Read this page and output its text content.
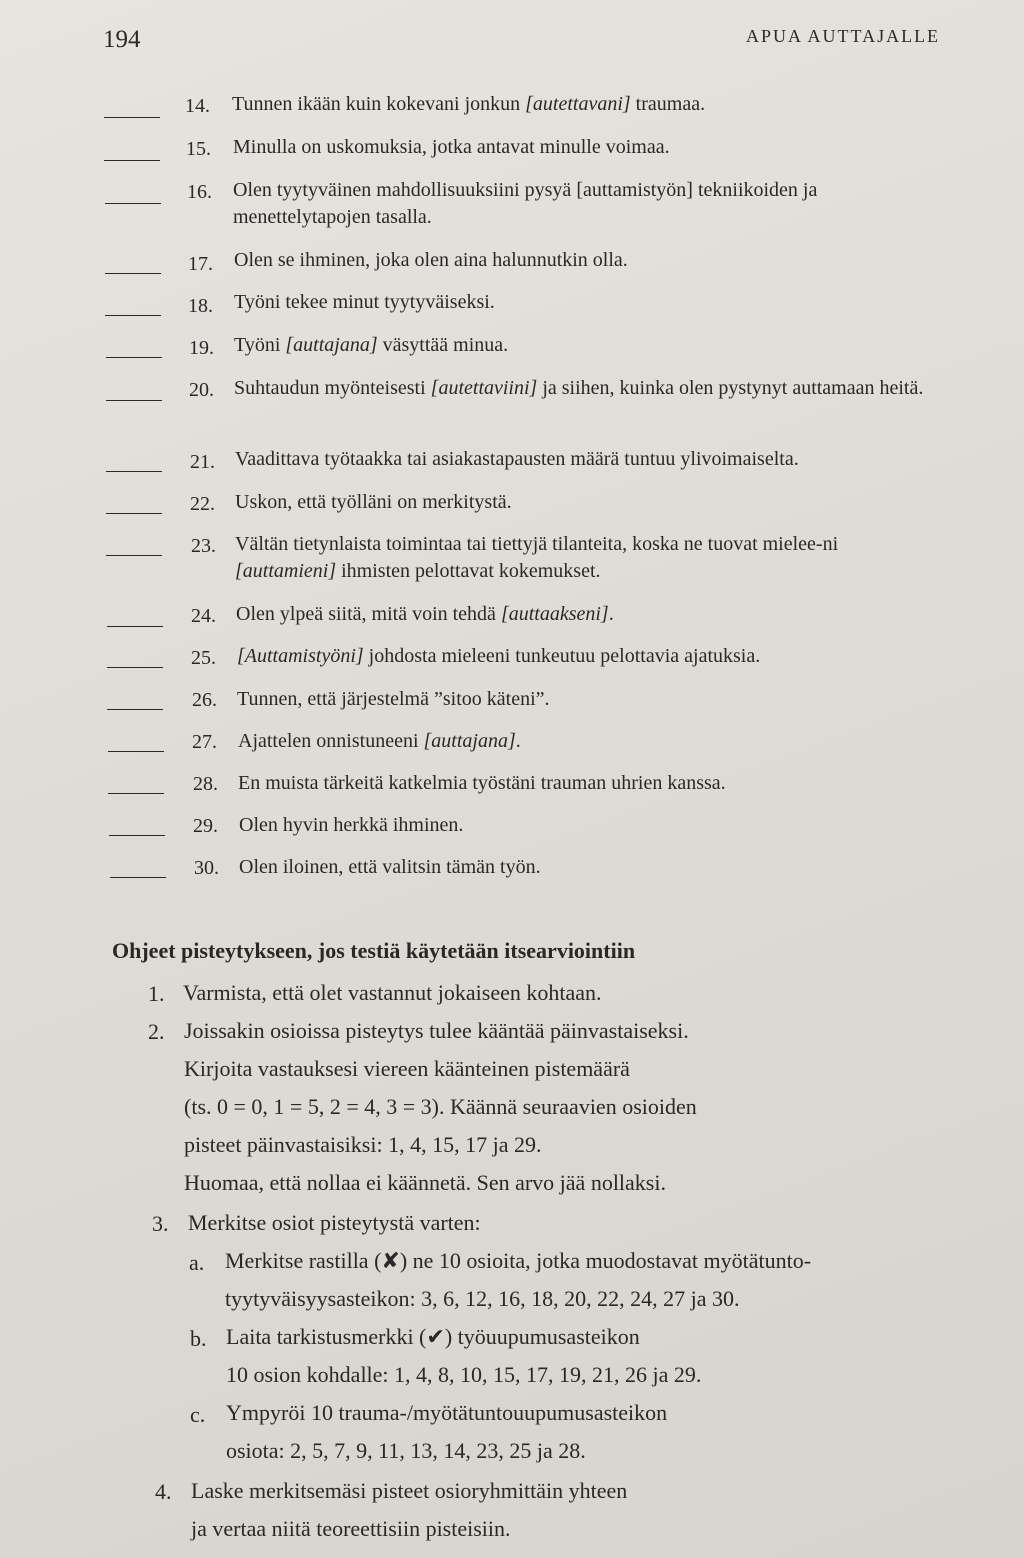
194	APUA AUTTAJALLE
14. Tunnen ikään kuin kokevani jonkun [autettavani] traumaa.
15. Minulla on uskomuksia, jotka antavat minulle voimaa.
16. Olen tyytyväinen mahdollisuuksiini pysyä [auttamistyön] tekniikoiden ja menettelytapojen tasalla.
17. Olen se ihminen, joka olen aina halunnutkin olla.
18. Työni tekee minut tyytyväiseksi.
19. Työni [auttajana] väsyttää minua.
20. Suhtaudun myönteisesti [autettaviini] ja siihen, kuinka olen pystynyt auttamaan heitä.
21. Vaadittava työtaakka tai asiakastapausten määrä tuntuu ylivoimaiselta.
22. Uskon, että työlläni on merkitystä.
23. Vältän tietynlaista toimintaa tai tiettyjä tilanteita, koska ne tuovat mielee-ni [auttamieni] ihmisten pelottavat kokemukset.
24. Olen ylpeä siitä, mitä voin tehdä [auttaakseni].
25. [Auttamistyöni] johdosta mieleeni tunkeutuu pelottavia ajatuksia.
26. Tunnen, että järjestelmä ”sitoo käteni”.
27. Ajattelen onnistuneeni [auttajana].
28. En muista tärkeitä katkelmia työstäni trauman uhrien kanssa.
29. Olen hyvin herkkä ihminen.
30. Olen iloinen, että valitsin tämän työn.
Ohjeet pisteytykseen, jos testiä käytetään itsearviointiin
1. Varmista, että olet vastannut jokaiseen kohtaan.
2. Joissakin osioissa pisteytys tulee kääntää päinvastaiseksi.
Kirjoita vastauksesi viereen käänteinen pistemäärä
(ts. 0 = 0, 1 = 5, 2 = 4, 3 = 3). Käännä seuraavien osioiden
pisteet päinvastaisiksi: 1, 4, 15, 17 ja 29.
Huomaa, että nollaa ei käännetä. Sen arvo jää nollaksi.
3. Merkitse osiot pisteytystä varten:
a. Merkitse rastilla (✘) ne 10 osioita, jotka muodostavat myötätunto-
tyytyväisyysasteikon: 3, 6, 12, 16, 18, 20, 22, 24, 27 ja 30.
b. Laita tarkistusmerkki (✔) työuupumusasteikon
10 osion kohdalle: 1, 4, 8, 10, 15, 17, 19, 21, 26 ja 29.
c. Ympyröi 10 trauma-/myötätuntouupumusasteikon
osiota: 2, 5, 7, 9, 11, 13, 14, 23, 25 ja 28.
4. Laske merkitsemäsi pisteet osioryhmittäin yhteen
ja vertaa niitä teoreettisiin pisteisiin.
